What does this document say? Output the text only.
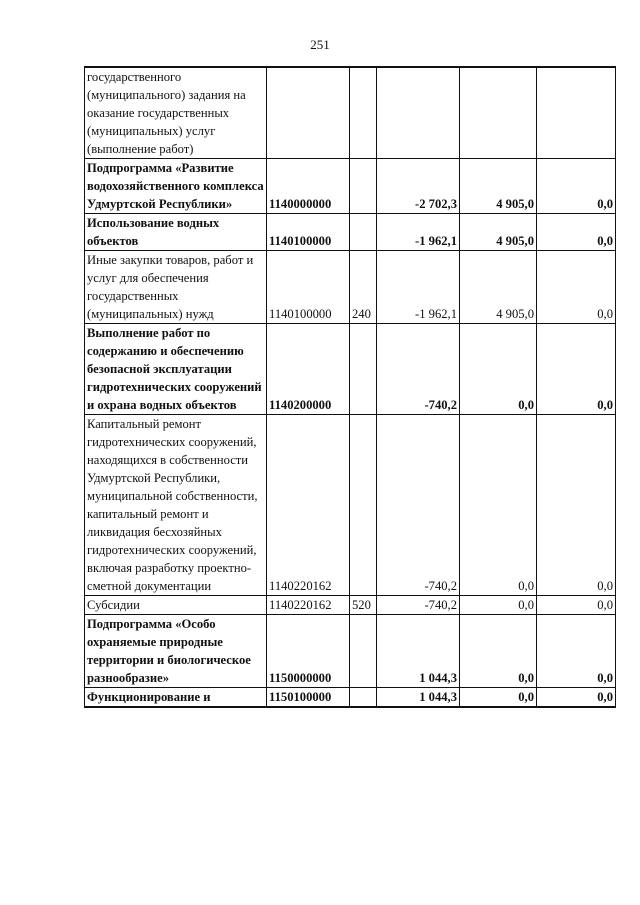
251
государственного (муниципального) задания на оказание государственных (муниципальных) услуг (выполнение работ)					
Подпрограмма «Развитие водохозяйственного комплекса Удмуртской Республики»	1140000000		-2 702,3	4 905,0	0,0
Использование водных объектов	1140100000		-1 962,1	4 905,0	0,0
Иные закупки товаров, работ и услуг для обеспечения государственных (муниципальных) нужд	1140100000	240	-1 962,1	4 905,0	0,0
Выполнение работ по содержанию и обеспечению безопасной эксплуатации гидротехнических сооружений и охрана водных объектов	1140200000		-740,2	0,0	0,0
Капитальный ремонт гидротехнических сооружений, находящихся в собственности Удмуртской Республики, муниципальной собственности, капитальный ремонт и ликвидация бесхозяйных гидротехнических сооружений, включая разработку проектно-сметной документации	1140220162		-740,2	0,0	0,0
Субсидии	1140220162	520	-740,2	0,0	0,0
Подпрограмма «Особо охраняемые природные территории и биологическое разнообразие»	1150000000		1 044,3	0,0	0,0
Функционирование и	1150100000		1 044,3	0,0	0,0
